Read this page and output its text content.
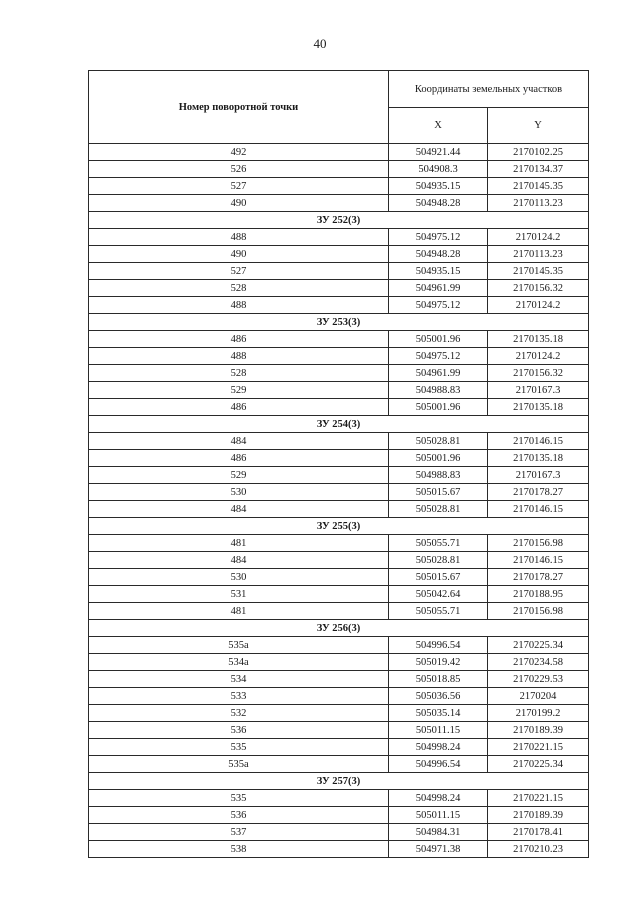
40
Номер поворотной точки	Координаты земельных участков	
	X	Y
492	504921.44	2170102.25
526	504908.3	2170134.37
527	504935.15	2170145.35
490	504948.28	2170113.23
ЗУ 252(3)		
488	504975.12	2170124.2
490	504948.28	2170113.23
527	504935.15	2170145.35
528	504961.99	2170156.32
488	504975.12	2170124.2
ЗУ 253(3)		
486	505001.96	2170135.18
488	504975.12	2170124.2
528	504961.99	2170156.32
529	504988.83	2170167.3
486	505001.96	2170135.18
ЗУ 254(3)		
484	505028.81	2170146.15
486	505001.96	2170135.18
529	504988.83	2170167.3
530	505015.67	2170178.27
484	505028.81	2170146.15
ЗУ 255(3)		
481	505055.71	2170156.98
484	505028.81	2170146.15
530	505015.67	2170178.27
531	505042.64	2170188.95
481	505055.71	2170156.98
ЗУ 256(3)		
535а	504996.54	2170225.34
534а	505019.42	2170234.58
534	505018.85	2170229.53
533	505036.56	2170204
532	505035.14	2170199.2
536	505011.15	2170189.39
535	504998.24	2170221.15
535а	504996.54	2170225.34
ЗУ 257(3)		
535	504998.24	2170221.15
536	505011.15	2170189.39
537	504984.31	2170178.41
538	504971.38	2170210.23
